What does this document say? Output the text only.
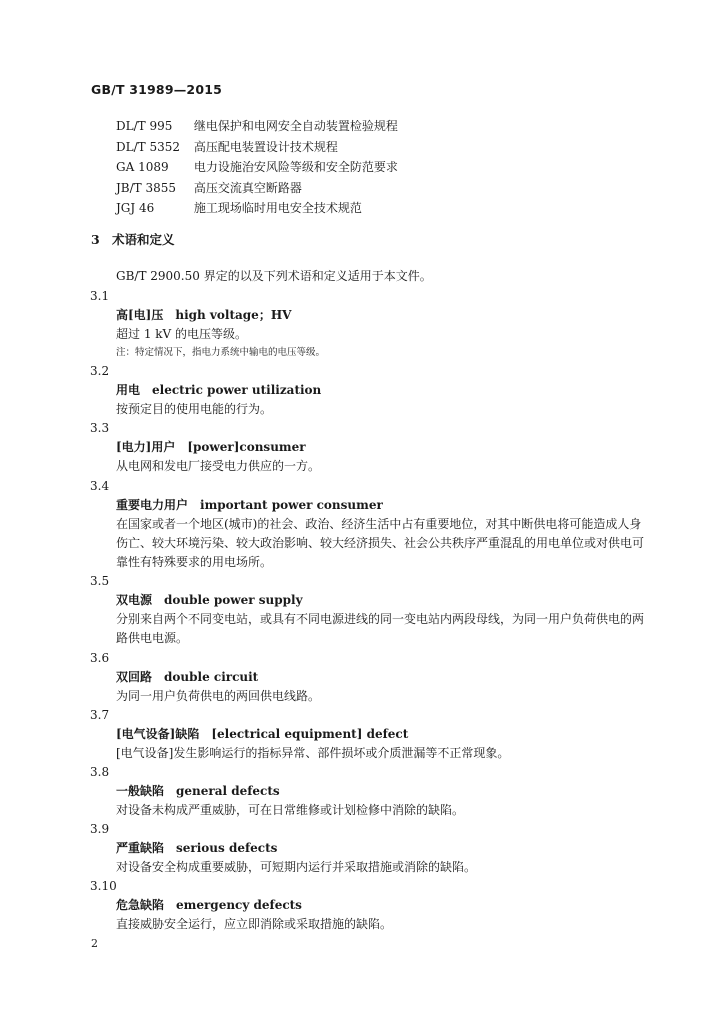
GB/T 31989—2015
DL/T 995 继电保护和电网安全自动装置检验规程
DL/T 5352 高压配电装置设计技术规程
GA 1089 电力设施治安风险等级和安全防范要求
JB/T 3855 高压交流真空断路器
JGJ 46	施工现场临时用电安全技术规范
3 术语和定义
GB/T 2900.50 界定的以及下列术语和定义适用于本文件。
3.1
高[电]压 high voltage；HV
超过 1 kV 的电压等级。
注：特定情况下，指电力系统中输电的电压等级。
3.2
用电 electric power utilization
按预定目的使用电能的行为。
3.3
[电力]用户 [power]consumer
从电网和发电厂接受电力供应的一方。
3.4
重要电力用户 important power consumer
在国家或者一个地区(城市)的社会、政治、经济生活中占有重要地位，对其中断供电将可能造成人身伤亡、较大环境污染、较大政治影响、较大经济损失、社会公共秩序严重混乱的用电单位或对供电可靠性有特殊要求的用电场所。
3.5
双电源 double power supply
分别来自两个不同变电站，或具有不同电源进线的同一变电站内两段母线，为同一用户负荷供电的两路供电电源。
3.6
双回路 double circuit
为同一用户负荷供电的两回供电线路。
3.7
[电气设备]缺陷 [electrical equipment] defect
[电气设备]发生影响运行的指标异常、部件损坏或介质泄漏等不正常现象。
3.8
一般缺陷 general defects
对设备未构成严重威胁，可在日常维修或计划检修中消除的缺陷。
3.9
严重缺陷 serious defects
对设备安全构成重要威胁，可短期内运行并采取措施或消除的缺陷。
3.10
危急缺陷 emergency defects
直接威胁安全运行，应立即消除或采取措施的缺陷。
2
